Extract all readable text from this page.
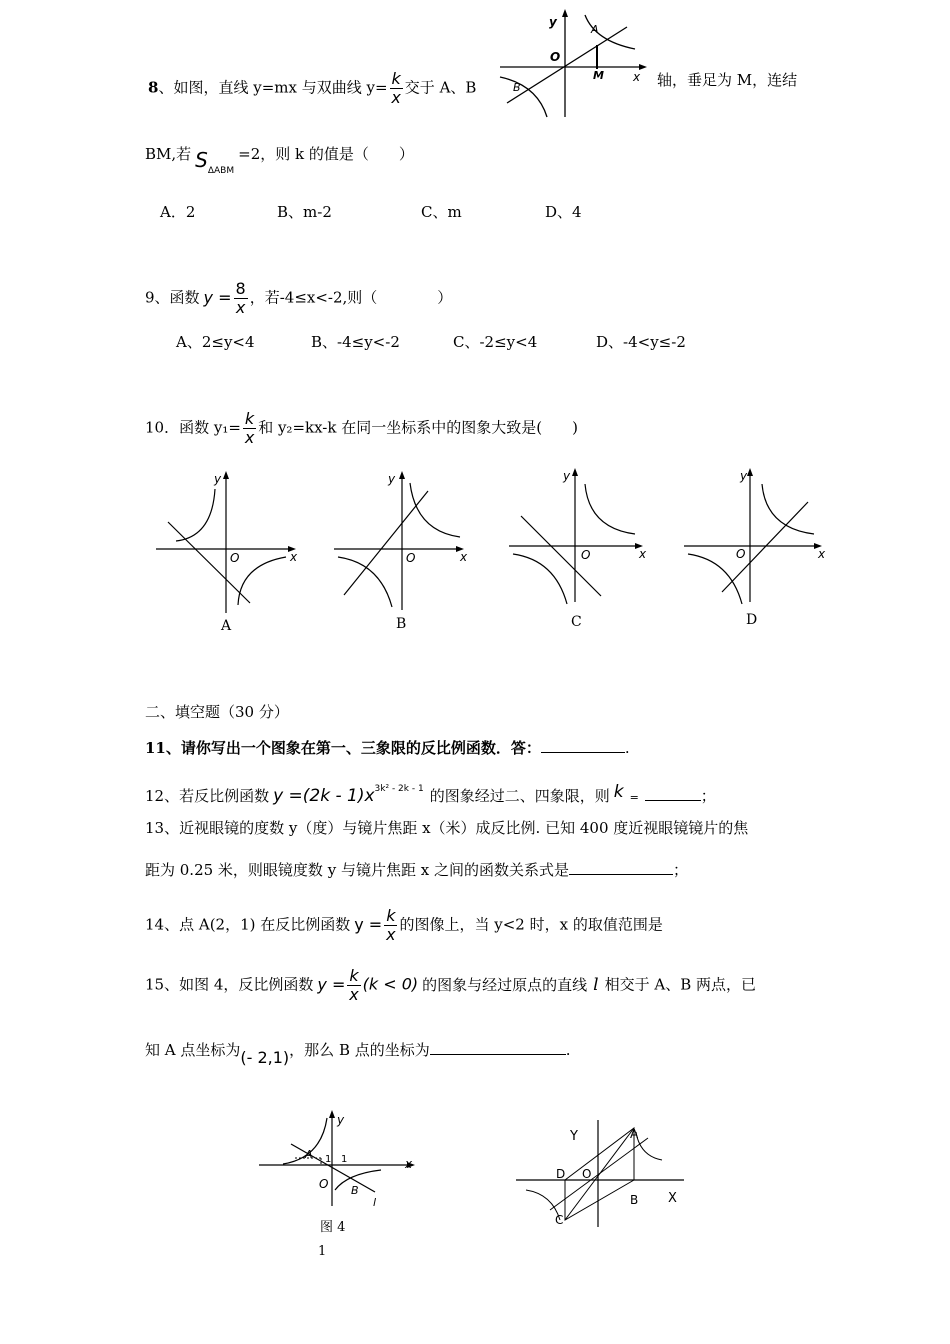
8、如图，直线 y=mx 与双曲线 $y= \frac{k}{x}$ 交于 A、B
y
x
O
A
B
M	轴，垂足为 M，连结
BM,若 $S_{\Delta ABM}=2$，则 k 的值是（　　）
A．2	B、m-2	C、m	D、4
9、函数 $y = \frac{8}{x}$ ，若-4≤x<-2,则（　　　　）
A、2≤y<4	B、-4≤y<-2	C、-2≤y<4	D、-4<y≤-2
10．函数 $y_1= \frac{k}{x}$ 和 y₂=kx-k 在同一坐标系中的图象大致是(　　)
y
x
O
A
y
x
O
B
y
x
O
C
y
x
O
D
二、填空题（30 分）
11、请你写出一个图象在第一、三象限的反比例函数．答：	.
12、若反比例函数 $y =(2k - 1)x^{3k^2 - 2k - 1}$ 的图象经过二、四象限，则 k =	；
13、近视眼镜的度数 y（度）与镜片焦距 x（米）成反比例. 已知 400 度近视眼镜镜片的焦
距为 0.25 米，则眼镜度数 y 与镜片焦距 x 之间的函数关系式是	；
14、点 A(2，1) 在反比例函数 $y = \frac{k}{x}$ 的图像上，当 y<2 时，x 的取值范围是
15、如图 4，反比例函数 $y = \frac{k}{x} (k < 0)$ 的图象与经过原点的直线 l 相交于 A、B 两点，已
知 A 点坐标为(- 2,1)，那么 B 点的坐标为	.
y
x
O
A
B
1 1
l
图 4
Y
X
A
B
C
D O
1
